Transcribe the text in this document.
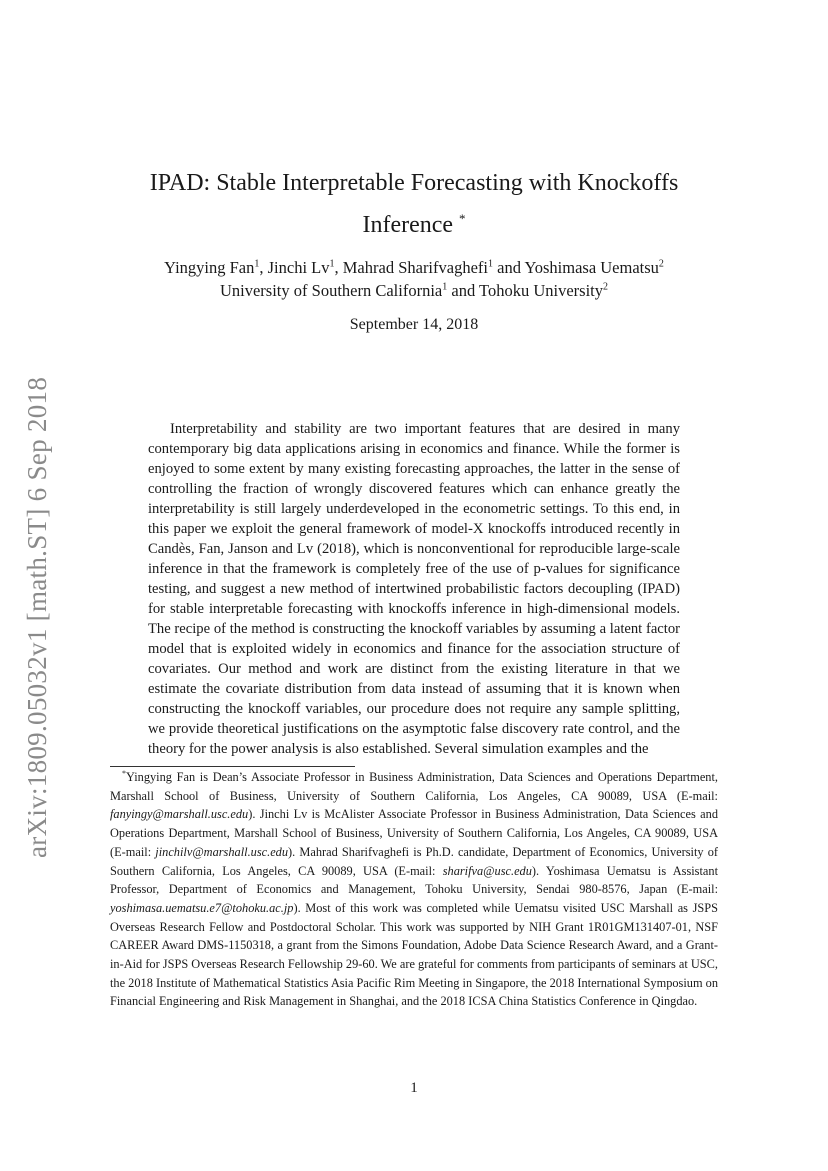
arXiv:1809.05032v1 [math.ST] 6 Sep 2018
IPAD: Stable Interpretable Forecasting with Knockoffs Inference *
Yingying Fan$^1$, Jinchi Lv$^1$, Mahrad Sharifvaghefi$^1$ and Yoshimasa Uematsu$^2$
University of Southern California$^1$ and Tohoku University$^2$
September 14, 2018

Interpretability and stability are two important features that are desired in many contemporary big data applications arising in economics and finance. While the former is enjoyed to some extent by many existing forecasting approaches, the latter in the sense of controlling the fraction of wrongly discovered features which can enhance greatly the interpretability is still largely underdeveloped in the econometric settings. To this end, in this paper we exploit the general framework of model-X knockoffs introduced recently in Candès, Fan, Janson and Lv (2018), which is nonconventional for reproducible large-scale inference in that the framework is completely free of the use of p-values for significance testing, and suggest a new method of intertwined probabilistic factors decoupling (IPAD) for stable interpretable forecasting with knockoffs inference in high-dimensional models. The recipe of the method is constructing the knockoff variables by assuming a latent factor model that is exploited widely in economics and finance for the association structure of covariates. Our method and work are distinct from the existing literature in that we estimate the covariate distribution from data instead of assuming that it is known when constructing the knockoff variables, our procedure does not require any sample splitting, we provide theoretical justifications on the asymptotic false discovery rate control, and the theory for the power analysis is also established. Several simulation examples and the

*Yingying Fan is Dean’s Associate Professor in Business Administration, Data Sciences and Operations Department, Marshall School of Business, University of Southern California, Los Angeles, CA 90089, USA (E-mail: fanyingy@marshall.usc.edu). Jinchi Lv is McAlister Associate Professor in Business Administration, Data Sciences and Operations Department, Marshall School of Business, University of Southern California, Los Angeles, CA 90089, USA (E-mail: jinchilv@marshall.usc.edu). Mahrad Sharifvaghefi is Ph.D. candidate, Department of Economics, University of Southern California, Los Angeles, CA 90089, USA (E-mail: sharifva@usc.edu). Yoshimasa Uematsu is Assistant Professor, Department of Economics and Management, Tohoku University, Sendai 980-8576, Japan (E-mail: yoshimasa.uematsu.e7@tohoku.ac.jp). Most of this work was completed while Uematsu visited USC Marshall as JSPS Overseas Research Fellow and Postdoctoral Scholar. This work was supported by NIH Grant 1R01GM131407-01, NSF CAREER Award DMS-1150318, a grant from the Simons Foundation, Adobe Data Science Research Award, and a Grant-in-Aid for JSPS Overseas Research Fellowship 29-60. We are grateful for comments from participants of seminars at USC, the 2018 Institute of Mathematical Statistics Asia Pacific Rim Meeting in Singapore, the 2018 International Symposium on Financial Engineering and Risk Management in Shanghai, and the 2018 ICSA China Statistics Conference in Qingdao.

1
